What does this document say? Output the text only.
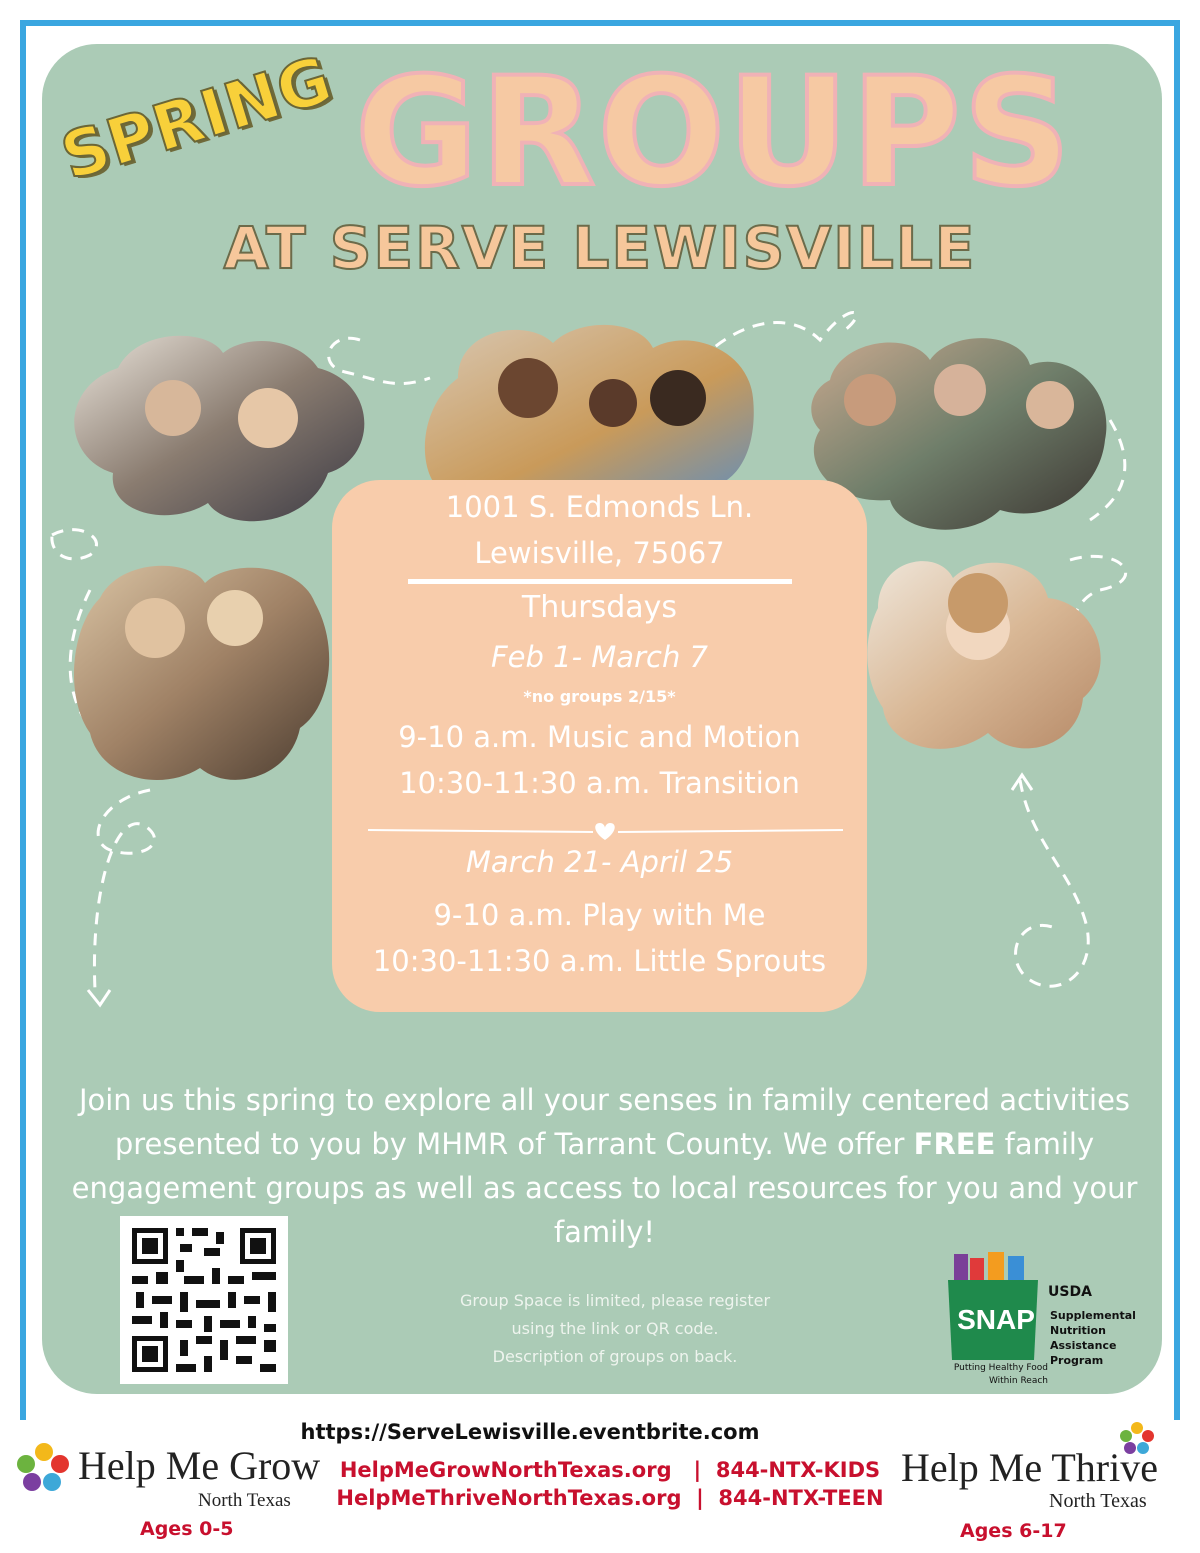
SPRING GROUPS
AT SERVE LEWISVILLE
1001 S. Edmonds Ln.
Lewisville, 75067
Thursdays
Feb 1- March 7
*no groups 2/15*
9-10 a.m. Music and Motion
10:30-11:30 a.m. Transition
March 21- April 25
9-10 a.m. Play with Me
10:30-11:30 a.m. Little Sprouts
Join us this spring to explore all your senses in family centered activities presented to you by MHMR of Tarrant County. We offer FREE family engagement groups as well as access to local resources for you and your family!
Group Space is limited, please register
using the link or QR code.
Description of groups on back.
SNAP
USDA
Supplemental
Nutrition
Assistance
Program
Putting Healthy Food
Within Reach
https://ServeLewisville.eventbrite.com
Help Me Grow
North Texas
HelpMeGrowNorthTexas.org | 844-NTX-KIDS
HelpMeThriveNorthTexas.org | 844-NTX-TEEN
Help Me Thrive
North Texas
Ages 0-5	Ages 6-17
